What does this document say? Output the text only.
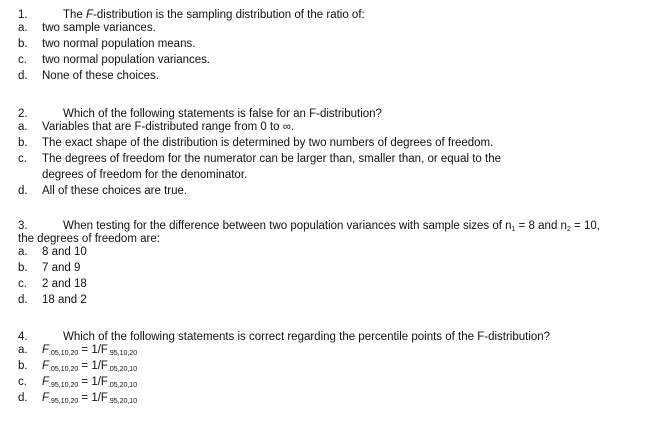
1.	The F-distribution is the sampling distribution of the ratio of:
a.	two sample variances.
b.	two normal population means.
c.	two normal population variances.
d.	None of these choices.
2.	Which of the following statements is false for an F-distribution?
a.	Variables that are F-distributed range from 0 to ∞.
b.	The exact shape of the distribution is determined by two numbers of degrees of freedom.
c.	The degrees of freedom for the numerator can be larger than, smaller than, or equal to the
degrees of freedom for the denominator.
d.	All of these choices are true.
3.	When testing for the difference between two population variances with sample sizes of $n_1 = 8$ and $n_2 = 10$,
the degrees of freedom are:
a.	8 and 10
b.	7 and 9
c.	2 and 18
d.	18 and 2
4.	Which of the following statements is correct regarding the percentile points of the F-distribution?
a.	$F_{.05,10,20} = 1/F_{.95,10,20}$
b.	$F_{.05,10,20} = 1/F_{.05,20,10}$
c.	$F_{.95,10,20} = 1/F_{.05,20,10}$
d.	$F_{.95,10,20} = 1/F_{.95,20,10}$
